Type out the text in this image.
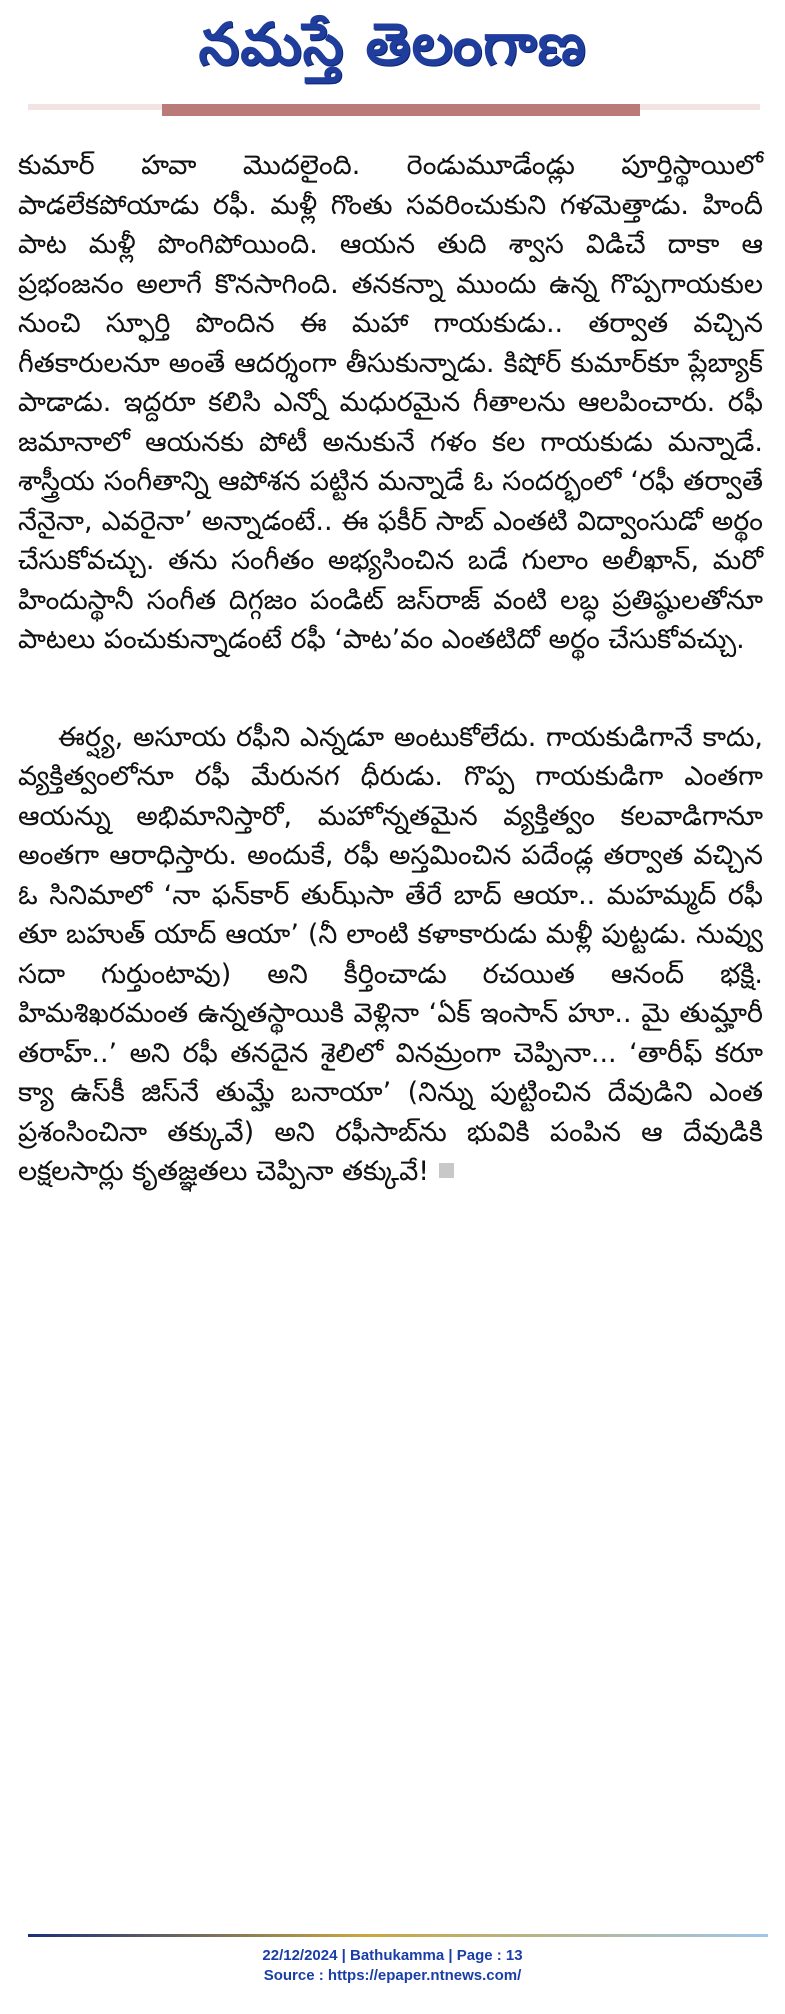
నమస్తే తెలంగాణ

కుమార్ హవా మొదలైంది. రెండుమూడేండ్లు పూర్తిస్థాయిలో పాడలేకపోయాడు రఫీ. మళ్లీ గొంతు సవరించుకుని గళమెత్తాడు. హిందీ పాట మళ్లీ పొంగిపోయింది. ఆయన తుది శ్వాస విడిచే దాకా ఆ ప్రభంజనం అలాగే కొనసాగింది. తనకన్నా ముందు ఉన్న గొప్పగాయకుల నుంచి స్ఫూర్తి పొందిన ఈ మహా గాయకుడు.. తర్వాత వచ్చిన గీతకారులనూ అంతే ఆదర్శంగా తీసుకున్నాడు. కిషోర్ కుమార్‌కూ ప్లేబ్యాక్ పాడాడు. ఇద్దరూ కలిసి ఎన్నో మధురమైన గీతాలను ఆలపించారు. రఫీ జమానాలో ఆయనకు పోటీ అనుకునే గళం కల గాయకుడు మన్నాడే. శాస్త్రీయ సంగీతాన్ని ఆపోశన పట్టిన మన్నాడే ఓ సందర్భంలో ‘రఫీ తర్వాతే నేనైనా, ఎవరైనా’ అన్నాడంటే.. ఈ ఫకీర్ సాబ్ ఎంతటి విద్వాంసుడో అర్థం చేసుకోవచ్చు. తను సంగీతం అభ్యసించిన బడే గులాం అలీఖాన్, మరో హిందుస్థానీ సంగీత దిగ్గజం పండిట్ జస్‌రాజ్ వంటి లబ్ధ ప్రతిష్ఠులతోనూ పాటలు పంచుకున్నాడంటే రఫీ ‘పాట’వం ఎంతటిదో అర్థం చేసుకోవచ్చు.

ఈర్ష్య, అసూయ రఫీని ఎన్నడూ అంటుకోలేదు. గాయకుడిగానే కాదు, వ్యక్తిత్వంలోనూ రఫీ మేరునగ ధీరుడు. గొప్ప గాయకుడిగా ఎంతగా ఆయన్ను అభిమానిస్తారో, మహోన్నతమైన వ్యక్తిత్వం కలవాడిగానూ అంతగా ఆరాధిస్తారు. అందుకే, రఫీ అస్తమించిన పదేండ్ల తర్వాత వచ్చిన ఓ సినిమాలో ‘నా ఫన్‌కార్ తుఝ్‌సా తేరే బాద్ ఆయా.. మహమ్మద్ రఫీ తూ బహుత్ యాద్ ఆయా’ (నీ లాంటి కళాకారుడు మళ్లీ పుట్టడు. నువ్వు సదా గుర్తుంటావు) అని కీర్తించాడు రచయిత ఆనంద్ భక్షి. హిమశిఖరమంత ఉన్నతస్థాయికి వెళ్లినా ‘ఏక్ ఇంసాన్ హూ.. మై తుమ్హారీ తరాహ్..’ అని రఫీ తనదైన శైలిలో వినమ్రంగా చెప్పినా... ‘తారీఫ్ కరూ క్యా ఉస్‌కీ జిస్‌నే తుమ్హే బనాయా’ (నిన్ను పుట్టించిన దేవుడిని ఎంత ప్రశంసించినా తక్కువే) అని రఫీసాబ్‌ను భువికి పంపిన ఆ దేవుడికి లక్షలసార్లు కృతజ్ఞతలు చెప్పినా తక్కువే!

22/12/2024 | Bathukamma | Page : 13
Source : https://epaper.ntnews.com/
